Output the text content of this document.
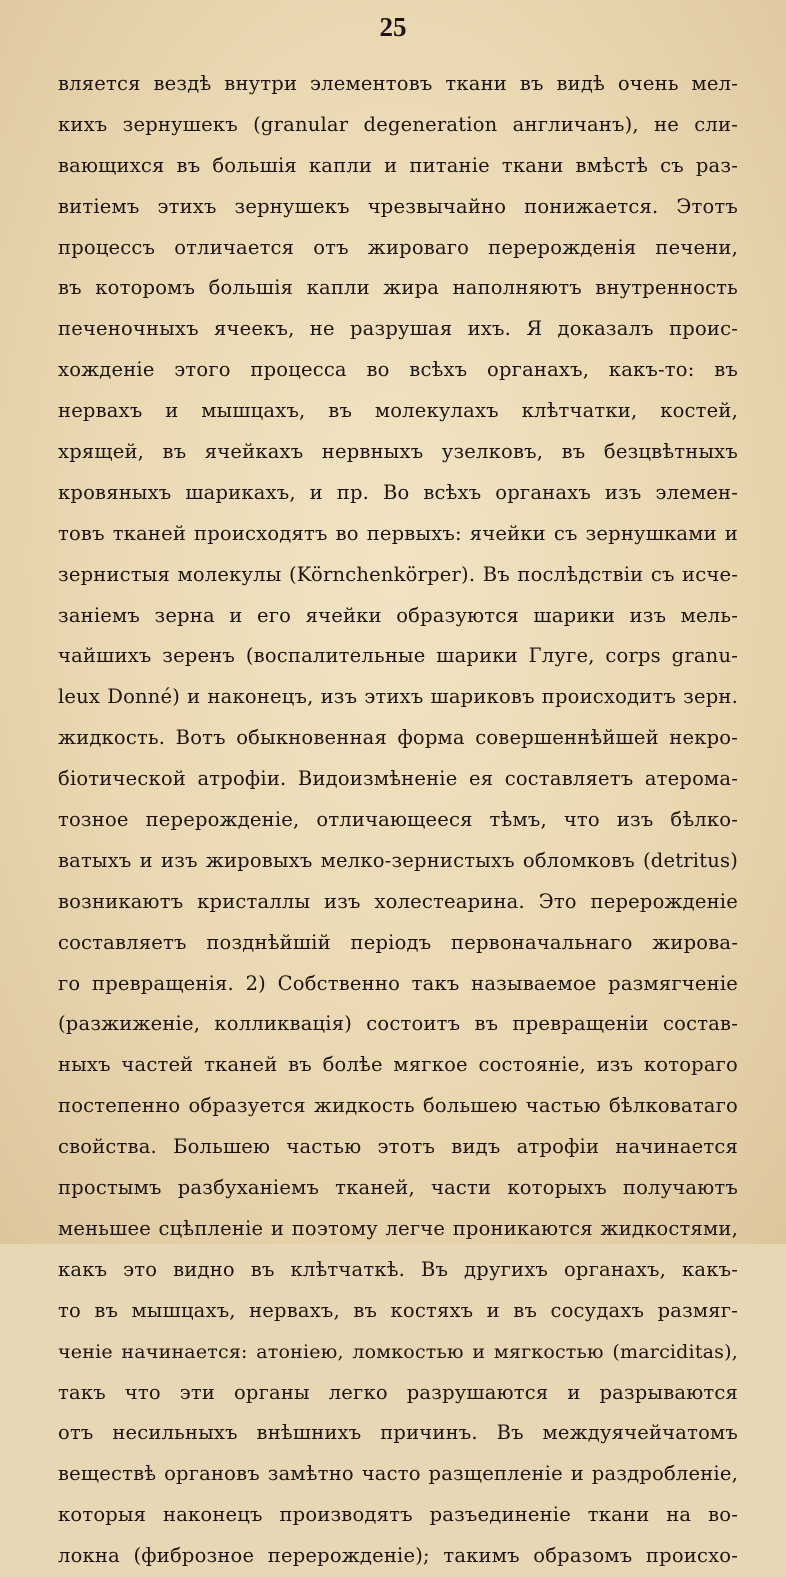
25
вляется вездѣ внутри элементовъ ткани въ видѣ очень мел-
кихъ зернушекъ (granular degeneration англичанъ), не сли-
вающихся въ большія капли и питаніе ткани вмѣстѣ съ раз-
витіемъ этихъ зернушекъ чрезвычайно понижается. Этотъ
процессъ отличается отъ жироваго перерожденія печени,
въ которомъ большія капли жира наполняютъ внутренность
печеночныхъ ячеекъ, не разрушая ихъ. Я доказалъ проис-
хожденіе этого процесса во всѣхъ органахъ, какъ-то: въ
нервахъ и мышцахъ, въ молекулахъ клѣтчатки, костей,
хрящей, въ ячейкахъ нервныхъ узелковъ, въ безцвѣтныхъ
кровяныхъ шарикахъ, и пр. Во всѣхъ органахъ изъ элемен-
товъ тканей происходятъ во первыхъ: ячейки съ зернушками и
зернистыя молекулы (Körnchenkörper). Въ послѣдствіи съ исче-
заніемъ зерна и его ячейки образуются шарики изъ мель-
чайшихъ зеренъ (воспалительные шарики Глуге, corps granu-
leux Donné) и наконецъ, изъ этихъ шариковъ происходитъ зерн.
жидкость. Вотъ обыкновенная форма совершеннѣйшей некро-
біотической атрофіи. Видоизмѣненіе ея составляетъ атерома-
тозное перерожденіе, отличающееся тѣмъ, что изъ бѣлко-
ватыхъ и изъ жировыхъ мелко-зернистыхъ обломковъ (detritus)
возникаютъ кристаллы изъ холестеарина. Это перерожденіе
составляетъ позднѣйшій періодъ первоначальнаго жирова-
го превращенія. 2) Собственно такъ называемое размягченіе
(разжиженіе, колликвація) состоитъ въ превращеніи состав-
ныхъ частей тканей въ болѣе мягкое состояніе, изъ котораго
постепенно образуется жидкость большею частью бѣлковатаго
свойства. Большею частью этотъ видъ атрофіи начинается
простымъ разбуханіемъ тканей, части которыхъ получаютъ
меньшее сцѣпленіе и поэтому легче проникаются жидкостями,
какъ это видно въ клѣтчаткѣ. Въ другихъ органахъ, какъ-
то въ мышцахъ, нервахъ, въ костяхъ и въ сосудахъ размяг-
ченіе начинается: атоніею, ломкостью и мягкостью (marciditas),
такъ что эти органы легко разрушаются и разрываются
отъ несильныхъ внѣшнихъ причинъ. Въ междуячейчатомъ
веществѣ органовъ замѣтно часто разщепленіе и раздробленіе,
которыя наконецъ производятъ разъединеніе ткани на во-
локна (фиброзное перерожденіе); такимъ образомъ происхо-
